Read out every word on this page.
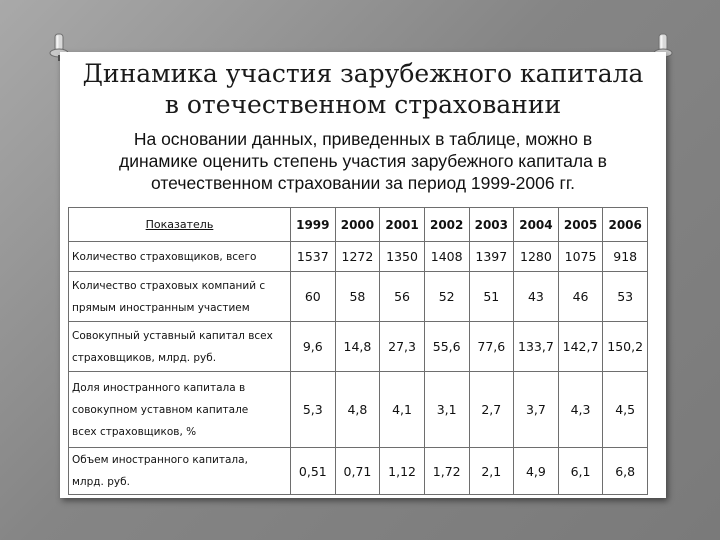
Динамика участия зарубежного капитала
в отечественном страховании
На основании данных, приведенных в таблице, можно в
динамике оценить степень участия зарубежного капитала в
отечественном страховании за период 1999-2006 гг.
Показатель	1999	2000	2001	2002	2003	2004	2005	2006

Количество страховщиков, всего	1537	1272	1350	1408	1397	1280	1075	918

Количество страховых компаний с
прямым иностранным участием	60	58	56	52	51	43	46	53

Совокупный уставный капитал всех
страховщиков, млрд. руб.	9,6	14,8	27,3	55,6	77,6	133,7	142,7	150,2

Доля иностранного капитала в
совокупном уставном капитале
всех страховщиков, %	5,3	4,8	4,1	3,1	2,7	3,7	4,3	4,5

Объем иностранного капитала,
млрд. руб.	0,51	0,71	1,12	1,72	2,1	4,9	6,1	6,8
